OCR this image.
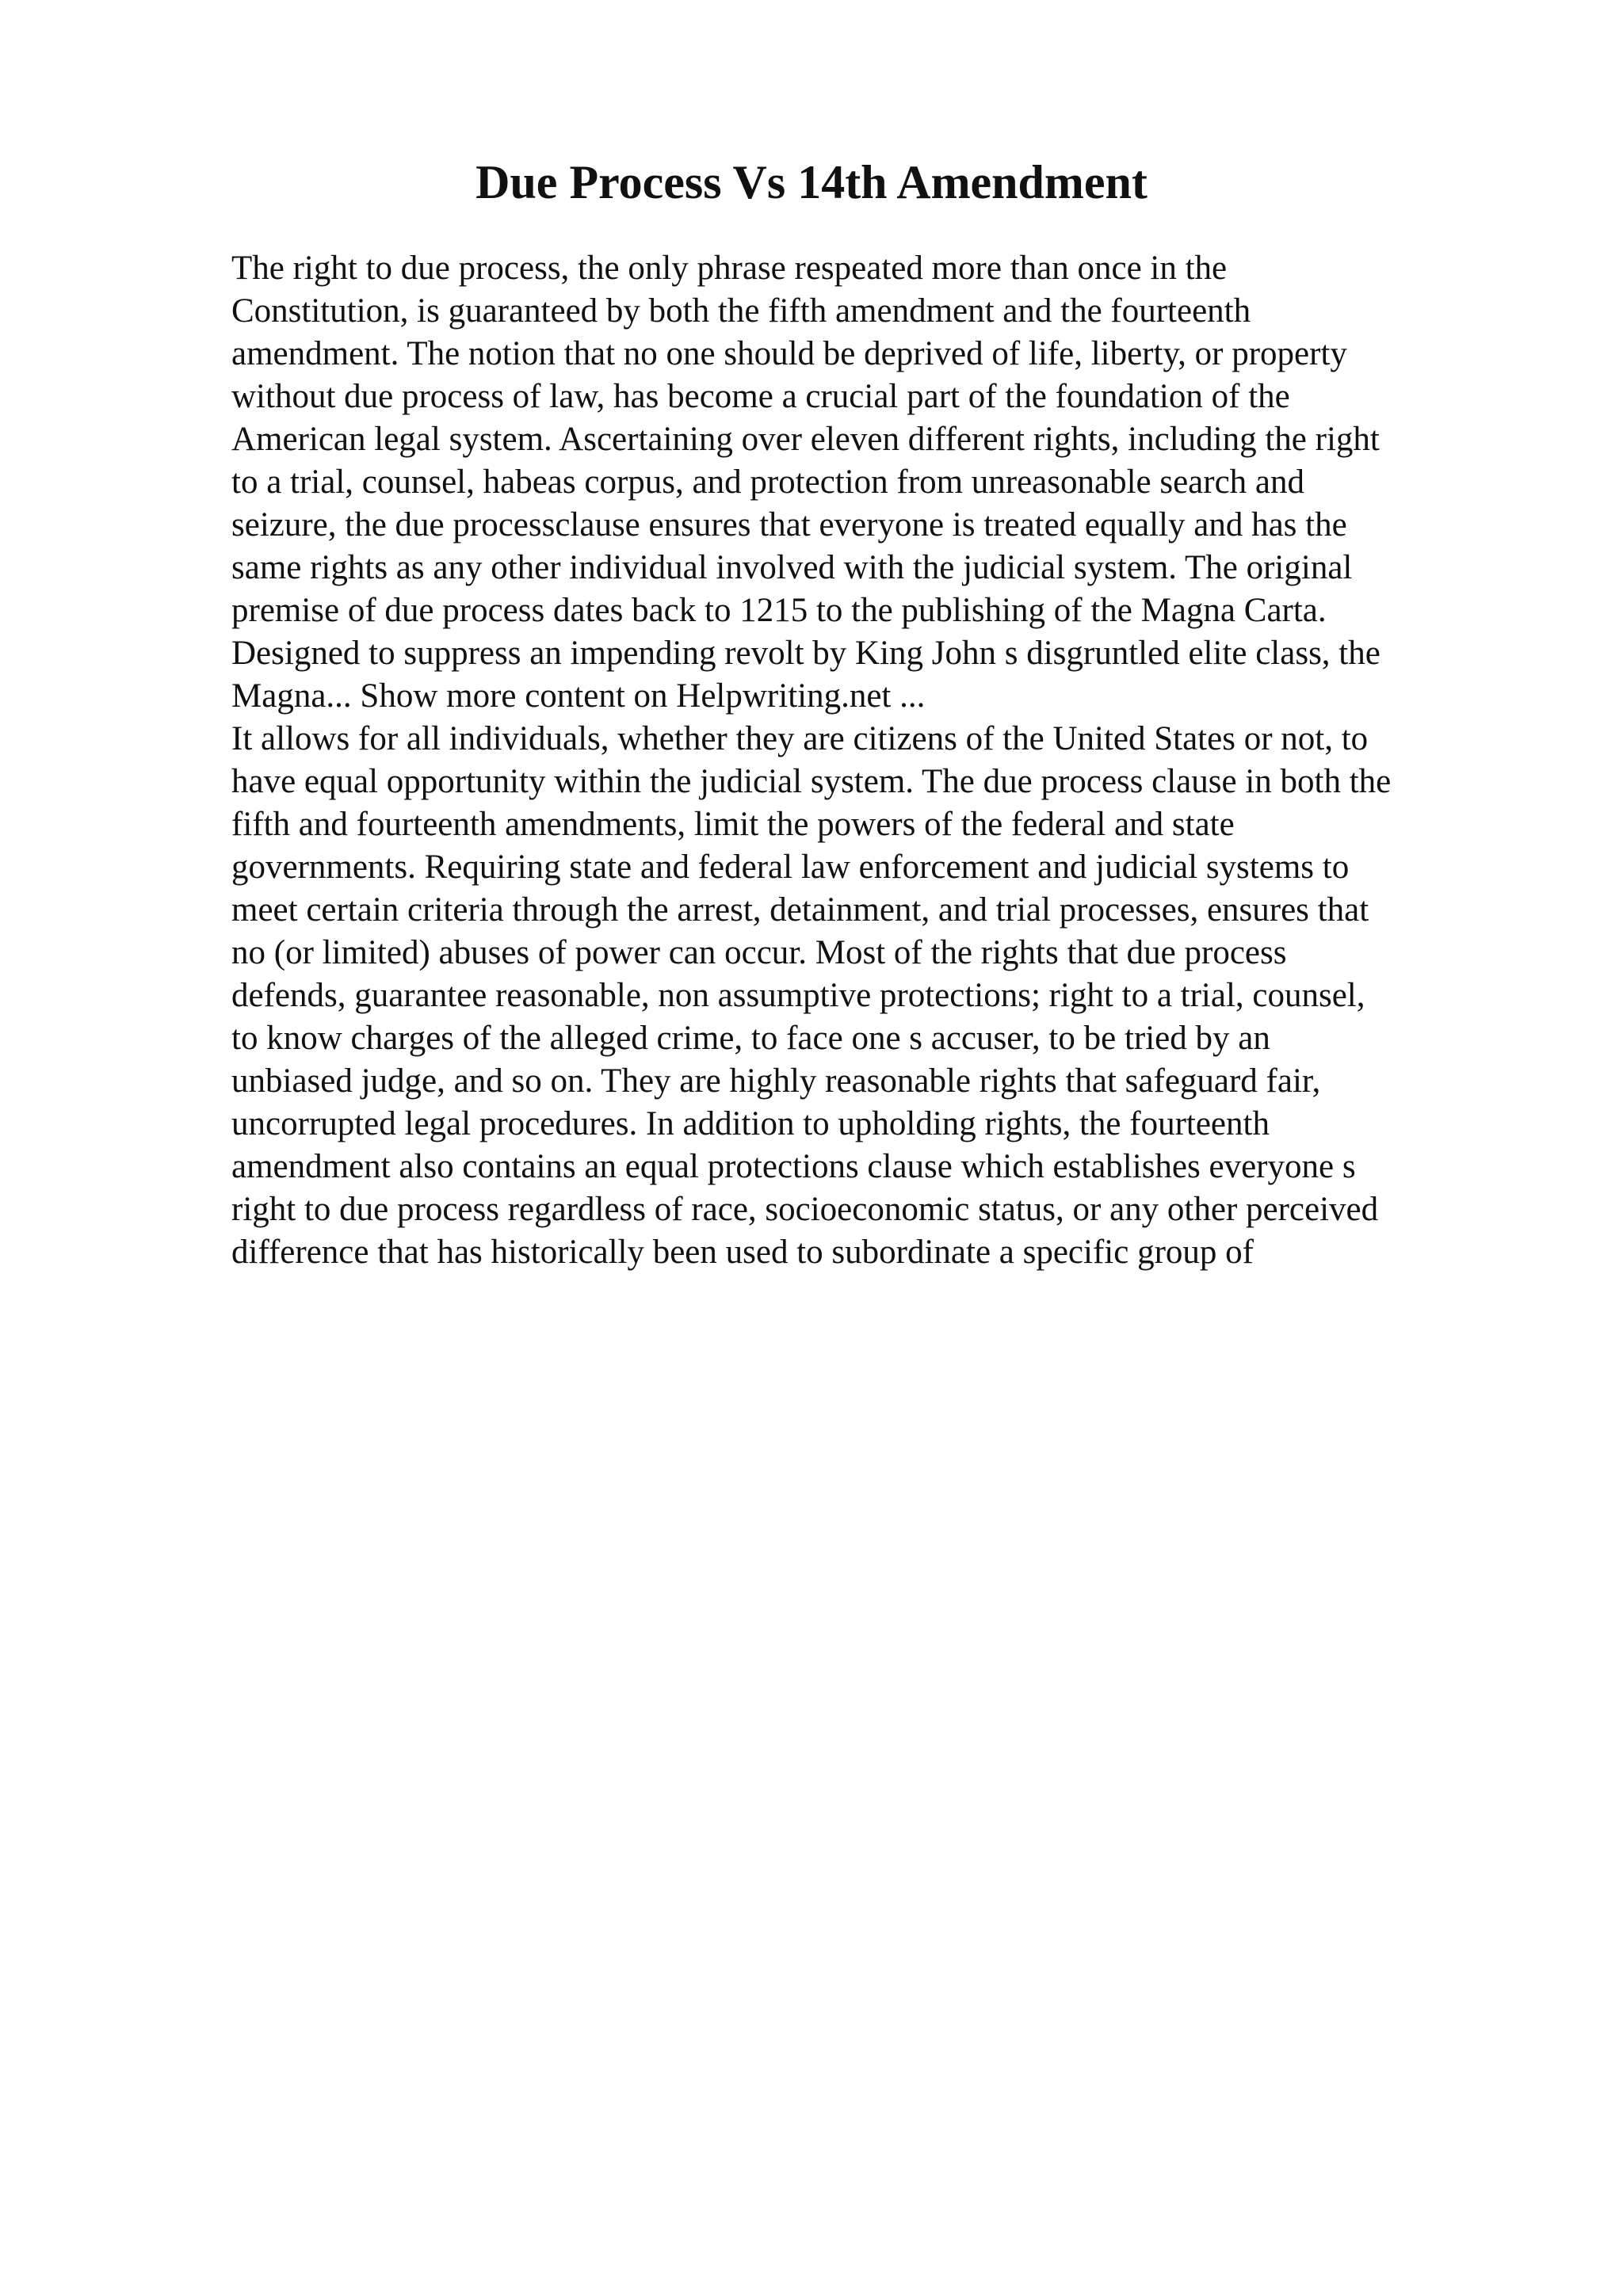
Due Process Vs 14th Amendment
The right to due process, the only phrase respeated more than once in the
Constitution, is guaranteed by both the fifth amendment and the fourteenth
amendment. The notion that no one should be deprived of life, liberty, or property
without due process of law, has become a crucial part of the foundation of the
American legal system. Ascertaining over eleven different rights, including the right
to a trial, counsel, habeas corpus, and protection from unreasonable search and
seizure, the due processclause ensures that everyone is treated equally and has the
same rights as any other individual involved with the judicial system. The original
premise of due process dates back to 1215 to the publishing of the Magna Carta.
Designed to suppress an impending revolt by King John s disgruntled elite class, the
Magna... Show more content on Helpwriting.net ...
It allows for all individuals, whether they are citizens of the United States or not, to
have equal opportunity within the judicial system. The due process clause in both the
fifth and fourteenth amendments, limit the powers of the federal and state
governments. Requiring state and federal law enforcement and judicial systems to
meet certain criteria through the arrest, detainment, and trial processes, ensures that
no (or limited) abuses of power can occur. Most of the rights that due process
defends, guarantee reasonable, non assumptive protections; right to a trial, counsel,
to know charges of the alleged crime, to face one s accuser, to be tried by an
unbiased judge, and so on. They are highly reasonable rights that safeguard fair,
uncorrupted legal procedures. In addition to upholding rights, the fourteenth
amendment also contains an equal protections clause which establishes everyone s
right to due process regardless of race, socioeconomic status, or any other perceived
difference that has historically been used to subordinate a specific group of
